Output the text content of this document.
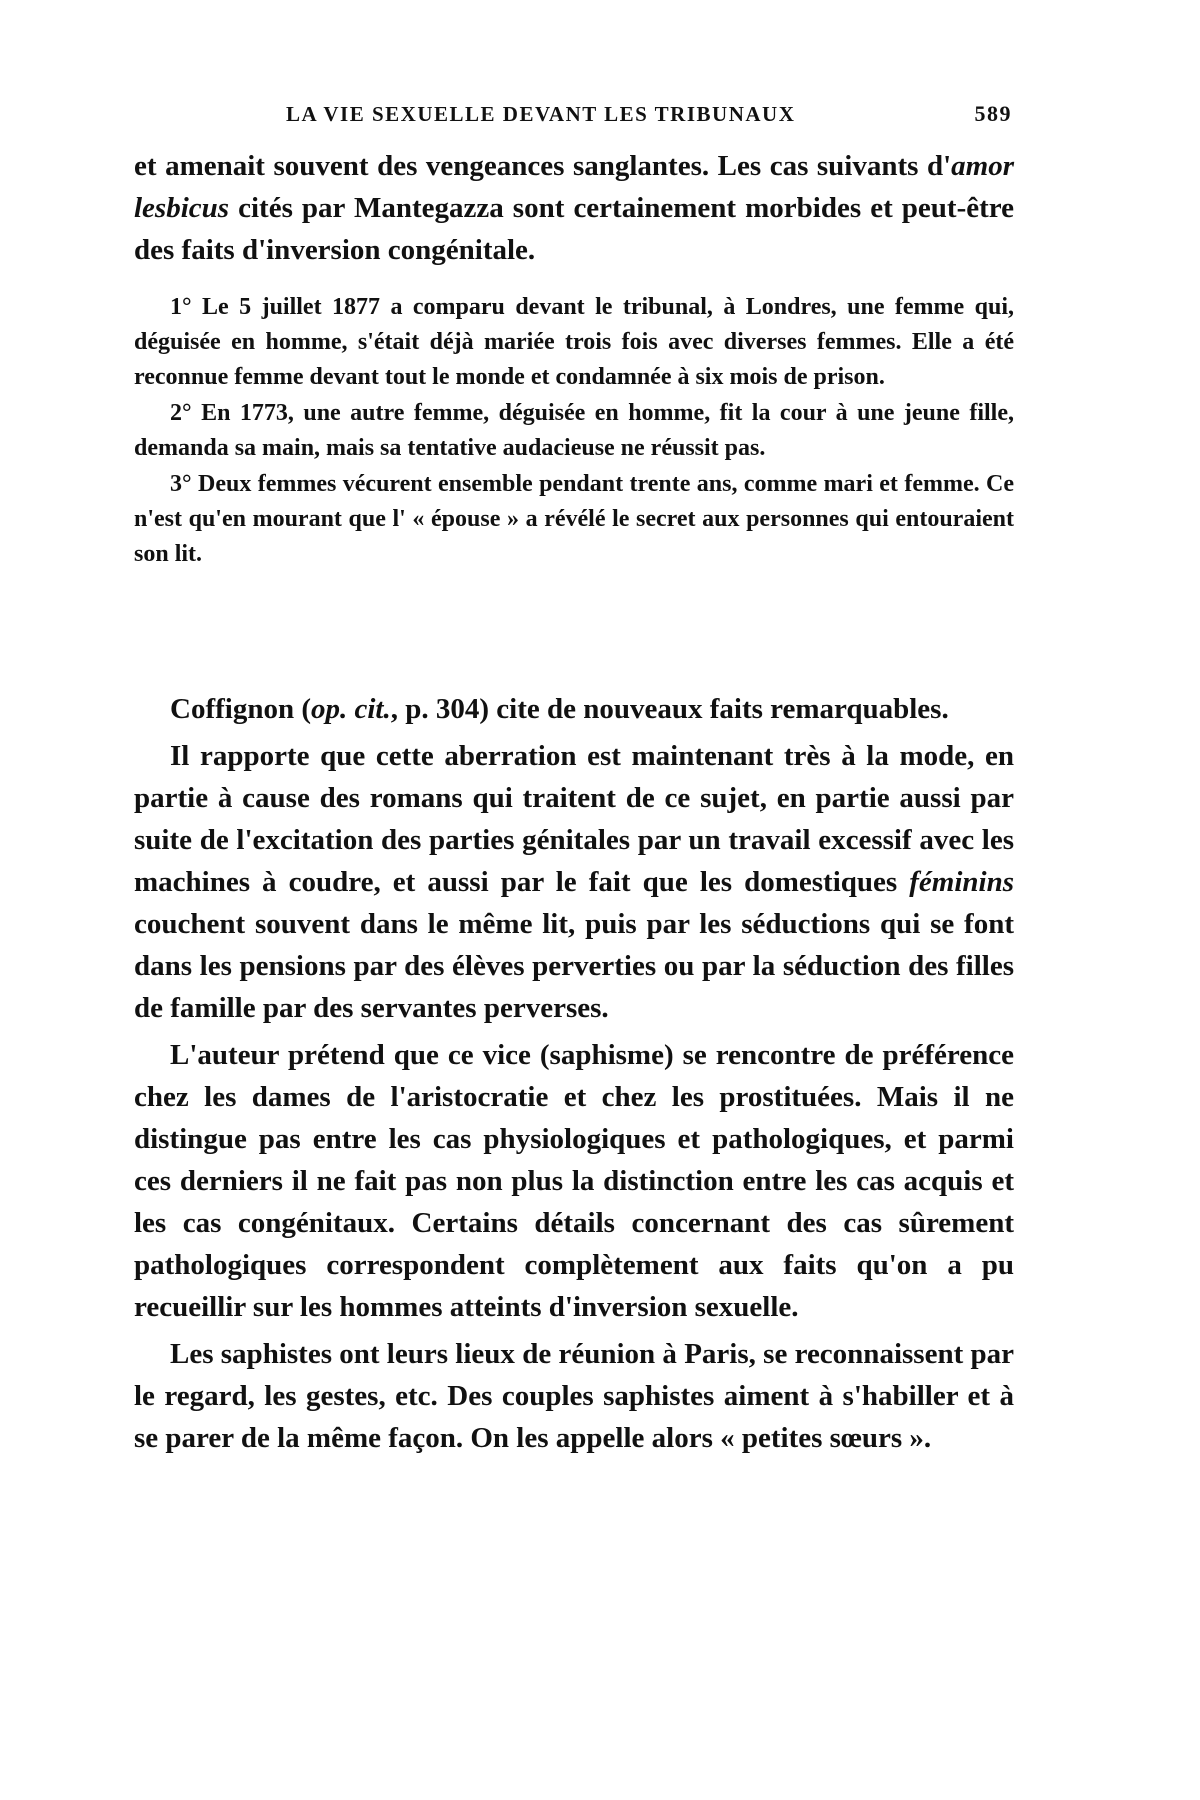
LA VIE SEXUELLE DEVANT LES TRIBUNAUX	589

et amenait souvent des vengeances sanglantes. Les cas suivants d'amor lesbicus cités par Mantegazza sont certainement morbides et peut-être des faits d'inversion congénitale.

1° Le 5 juillet 1877 a comparu devant le tribunal, à Londres, une femme qui, déguisée en homme, s'était déjà mariée trois fois avec diverses femmes. Elle a été reconnue femme devant tout le monde et condamnée à six mois de prison.

2° En 1773, une autre femme, déguisée en homme, fit la cour à une jeune fille, demanda sa main, mais sa tentative audacieuse ne réussit pas.

3° Deux femmes vécurent ensemble pendant trente ans, comme mari et femme. Ce n'est qu'en mourant que l' « épouse » a révélé le secret aux personnes qui entouraient son lit.

Coffignon (op. cit., p. 304) cite de nouveaux faits remarquables.

Il rapporte que cette aberration est maintenant très à la mode, en partie à cause des romans qui traitent de ce sujet, en partie aussi par suite de l'excitation des parties génitales par un travail excessif avec les machines à coudre, et aussi par le fait que les domestiques féminins couchent souvent dans le même lit, puis par les séductions qui se font dans les pensions par des élèves perverties ou par la séduction des filles de famille par des servantes perverses.

L'auteur prétend que ce vice (saphisme) se rencontre de préférence chez les dames de l'aristocratie et chez les prostituées. Mais il ne distingue pas entre les cas physiologiques et pathologiques, et parmi ces derniers il ne fait pas non plus la distinction entre les cas acquis et les cas congénitaux. Certains détails concernant des cas sûrement pathologiques correspondent complètement aux faits qu'on a pu recueillir sur les hommes atteints d'inversion sexuelle.

Les saphistes ont leurs lieux de réunion à Paris, se reconnaissent par le regard, les gestes, etc. Des couples saphistes aiment à s'habiller et à se parer de la même façon. On les appelle alors « petites sœurs ».
